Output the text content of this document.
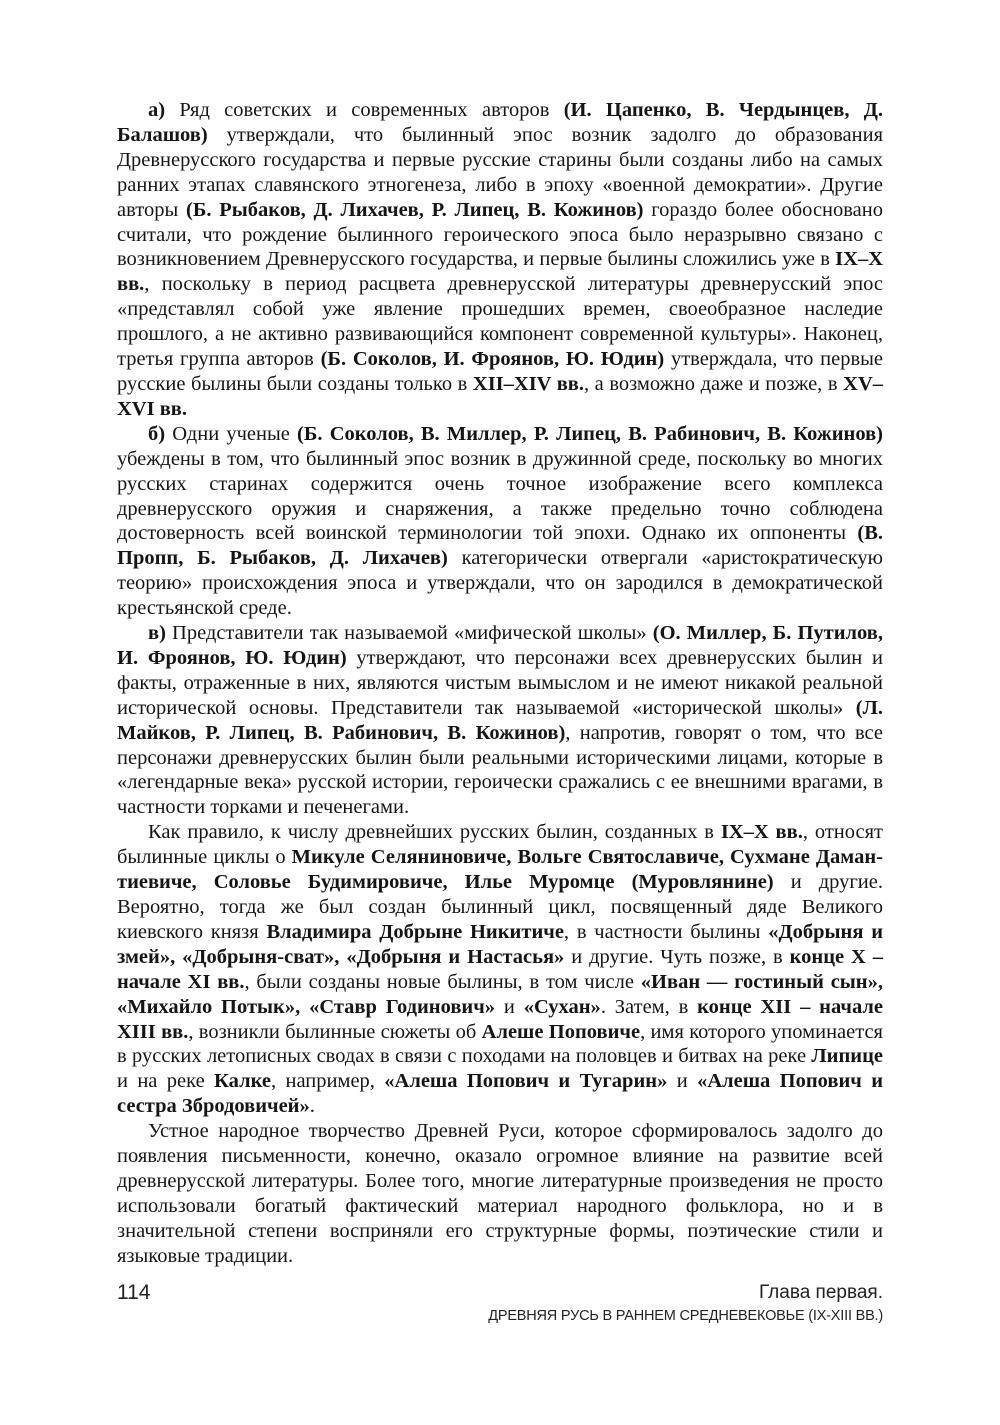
а) Ряд советских и современных авторов (И. Цапенко, В. Чердынцев, Д. Балашов) утверждали, что былинный эпос возник задолго до образования Древнерусского государства и первые русские старины были созданы либо на самых ранних этапах славянского этногенеза, либо в эпоху «военной демократии». Другие авторы (Б. Рыбаков, Д. Лихачев, Р. Липец, В. Кожинов) гораздо более обосновано считали, что рождение былинного героического эпоса было неразрывно связано с возникновением Древнерусского государства, и первые былины сложились уже в IX–X вв., поскольку в период расцвета древнерусской литературы древнерусский эпос «представлял собой уже явление прошедших времен, своеобразное наследие прошлого, а не активно развивающийся компонент современной культуры». Наконец, третья группа авторов (Б. Соколов, И. Фроянов, Ю. Юдин) утверждала, что первые русские былины были созданы только в XII–XIV вв., а возможно даже и позже, в XV–XVI вв.

б) Одни ученые (Б. Соколов, В. Миллер, Р. Липец, В. Рабинович, В. Кожинов) убеждены в том, что былинный эпос возник в дружинной среде, поскольку во многих русских старинах содержится очень точное изображение всего комплекса древнерусского оружия и снаряжения, а также предельно точно соблюдена достоверность всей воинской терминологии той эпохи. Однако их оппоненты (В. Пропп, Б. Рыбаков, Д. Лихачев) категорически отвергали «аристократическую теорию» происхождения эпоса и утверждали, что он зародился в демократической крестьянской среде.

в) Представители так называемой «мифической школы» (О. Миллер, Б. Путилов, И. Фроянов, Ю. Юдин) утверждают, что персонажи всех древнерусских былин и факты, отраженные в них, являются чистым вымыслом и не имеют никакой реальной исторической основы. Представители так называемой «исторической школы» (Л. Майков, Р. Липец, В. Рабинович, В. Кожинов), напротив, говорят о том, что все персонажи древнерусских былин были реальными историческими лицами, которые в «легендарные века» русской истории, героически сражались с ее внешними врагами, в частности торками и печенегами.

Как правило, к числу древнейших русских былин, созданных в IX–X вв., относят былинные циклы о Микуле Селяниновиче, Вольге Святославиче, Сухмане Дамантиевиче, Соловье Будимировиче, Илье Муромце (Муровлянине) и другие. Вероятно, тогда же был создан былинный цикл, посвященный дяде Великого киевского князя Владимира Добрыне Никитиче, в частности былины «Добрыня и змей», «Добрыня-сват», «Добрыня и Настасья» и другие. Чуть позже, в конце X – начале XI вв., были созданы новые былины, в том числе «Иван — гостиный сын», «Михайло Потык», «Ставр Годинович» и «Сухан». Затем, в конце XII – начале XIII вв., возникли былинные сюжеты об Алеше Поповиче, имя которого упоминается в русских летописных сводах в связи с походами на половцев и битвах на реке Липице и на реке Калке, например, «Алеша Попович и Тугарин» и «Алеша Попович и сестра Збродовичей».

Устное народное творчество Древней Руси, которое сформировалось задолго до появления письменности, конечно, оказало огромное влияние на развитие всей древнерусской литературы. Более того, многие литературные произведения не просто использовали богатый фактический материал народного фольклора, но и в значительной степени восприняли его структурные формы, поэтические стили и языковые традиции.

114	Глава первая.
ДРЕВНЯЯ РУСЬ В РАННЕМ СРЕДНЕВЕКОВЬЕ (IX-XIII ВВ.)
